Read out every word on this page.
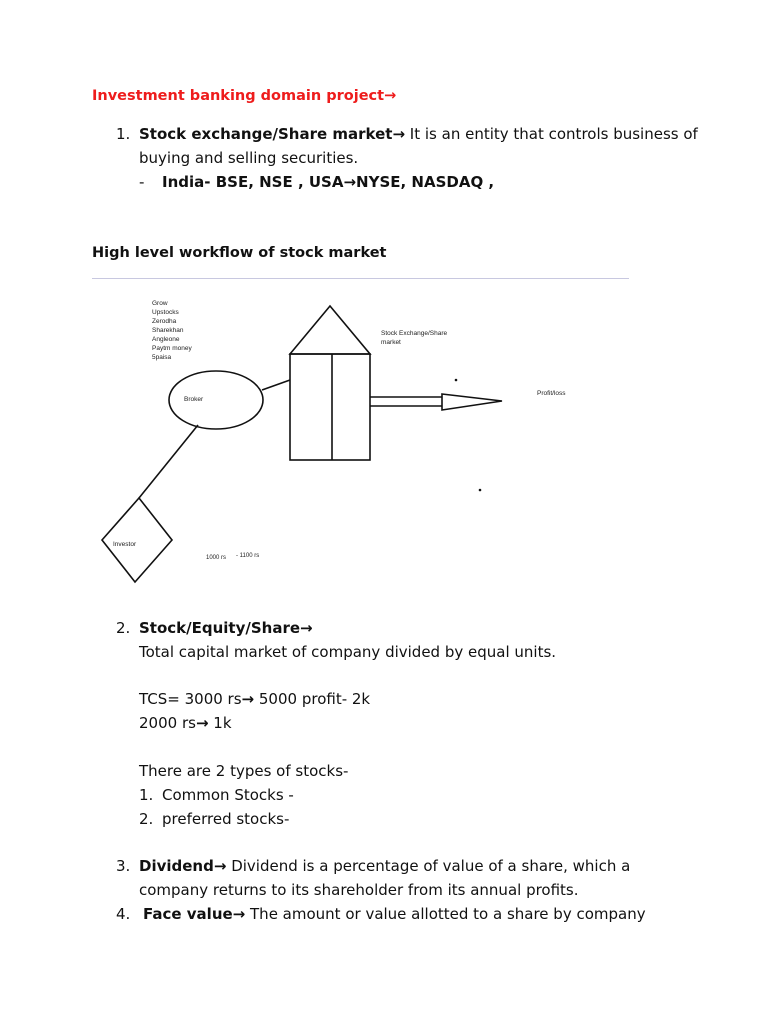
Investment banking domain project→
1. Stock exchange/Share market→ It is an entity that controls business of
buying and selling securities.
- India- BSE, NSE , USA→NYSE, NASDAQ ,
High level workflow of stock market
Grow
Upstocks
Zerodha
Sharekhan
Angleone
Paytm money
5paisa
Broker
Stock Exchange/Share
market
Profit/loss
Investor
1000 rs - 1100 rs
2. Stock/Equity/Share→
Total capital market of company divided by equal units.
TCS= 3000 rs→ 5000 profit- 2k
2000 rs→ 1k
There are 2 types of stocks-
1. Common Stocks -
2. preferred stocks-
3. Dividend→ Dividend is a percentage of value of a share, which a
company returns to its shareholder from its annual profits.
4. Face value→ The amount or value allotted to a share by company
